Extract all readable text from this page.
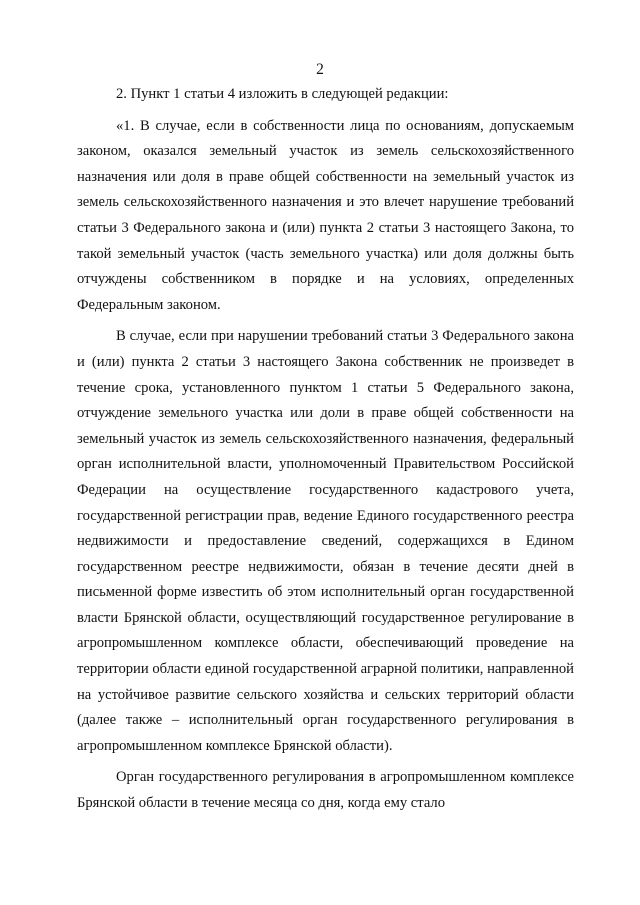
2

2. Пункт 1 статьи 4 изложить в следующей редакции:

«1. В случае, если в собственности лица по основаниям, допускаемым законом, оказался земельный участок из земель сельскохозяйственного назначения или доля в праве общей собственности на земельный участок из земель сельскохозяйственного назначения и это влечет нарушение требований статьи 3 Федерального закона и (или) пункта 2 статьи 3 настоящего Закона, то такой земельный участок (часть земельного участка) или доля должны быть отчуждены собственником в порядке и на условиях, определенных Федеральным законом.

В случае, если при нарушении требований статьи 3 Федерального закона и (или) пункта 2 статьи 3 настоящего Закона собственник не произведет в течение срока, установленного пунктом 1 статьи 5 Федерального закона, отчуждение земельного участка или доли в праве общей собственности на земельный участок из земель сельскохозяйственного назначения, федеральный орган исполнительной власти, уполномоченный Правительством Российской Федерации на осуществление государственного кадастрового учета, государственной регистрации прав, ведение Единого государственного реестра недвижимости и предоставление сведений, содержащихся в Едином государственном реестре недвижимости, обязан в течение десяти дней в письменной форме известить об этом исполнительный орган государственной власти Брянской области, осуществляющий государственное регулирование в агропромышленном комплексе области, обеспечивающий проведение на территории области единой государственной аграрной политики, направленной на устойчивое развитие сельского хозяйства и сельских территорий области (далее также – исполнительный орган государственного регулирования в агропромышленном комплексе Брянской области).

Орган государственного регулирования в агропромышленном комплексе Брянской области в течение месяца со дня, когда ему стало
